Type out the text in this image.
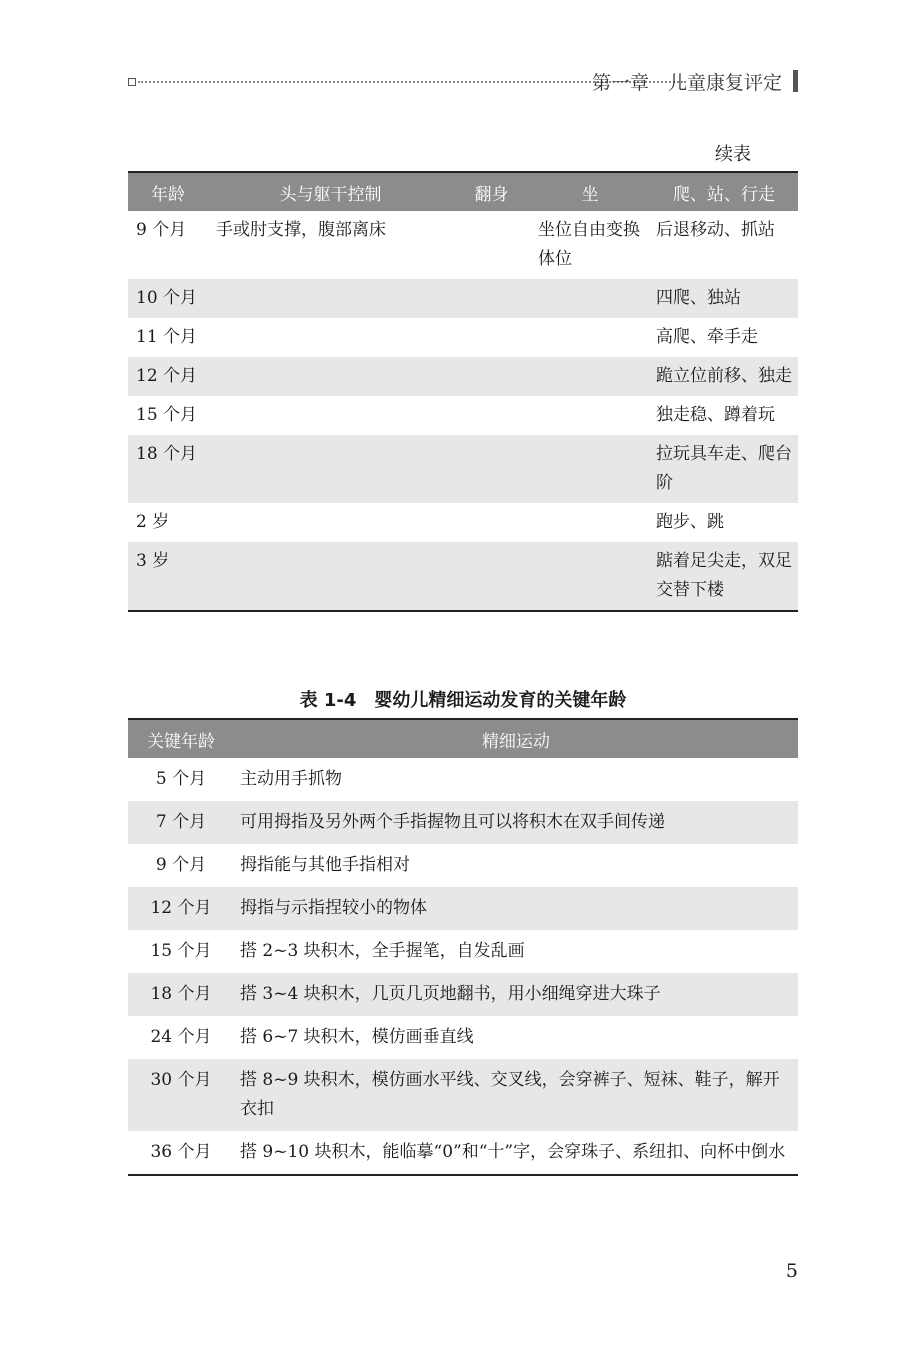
第一章　儿童康复评定
续表
年龄	头与躯干控制	翻身	坐	爬、站、行走
9 个月	手或肘支撑，腹部离床		坐位自由变换体位	后退移动、抓站
10 个月				四爬、独站
11 个月				高爬、牵手走
12 个月				跪立位前移、独走
15 个月				独走稳、蹲着玩
18 个月				拉玩具车走、爬台阶
2 岁				跑步、跳
3 岁				踮着足尖走，双足交替下楼
表 1-4　婴幼儿精细运动发育的关键年龄
关键年龄	精细运动
5 个月	主动用手抓物
7 个月	可用拇指及另外两个手指握物且可以将积木在双手间传递
9 个月	拇指能与其他手指相对
12 个月	拇指与示指捏较小的物体
15 个月	搭 2~3 块积木，全手握笔，自发乱画
18 个月	搭 3~4 块积木，几页几页地翻书，用小细绳穿进大珠子
24 个月	搭 6~7 块积木，模仿画垂直线
30 个月	搭 8~9 块积木，模仿画水平线、交叉线，会穿裤子、短袜、鞋子，解开衣扣
36 个月	搭 9~10 块积木，能临摹“0”和“十”字，会穿珠子、系纽扣、向杯中倒水
5
